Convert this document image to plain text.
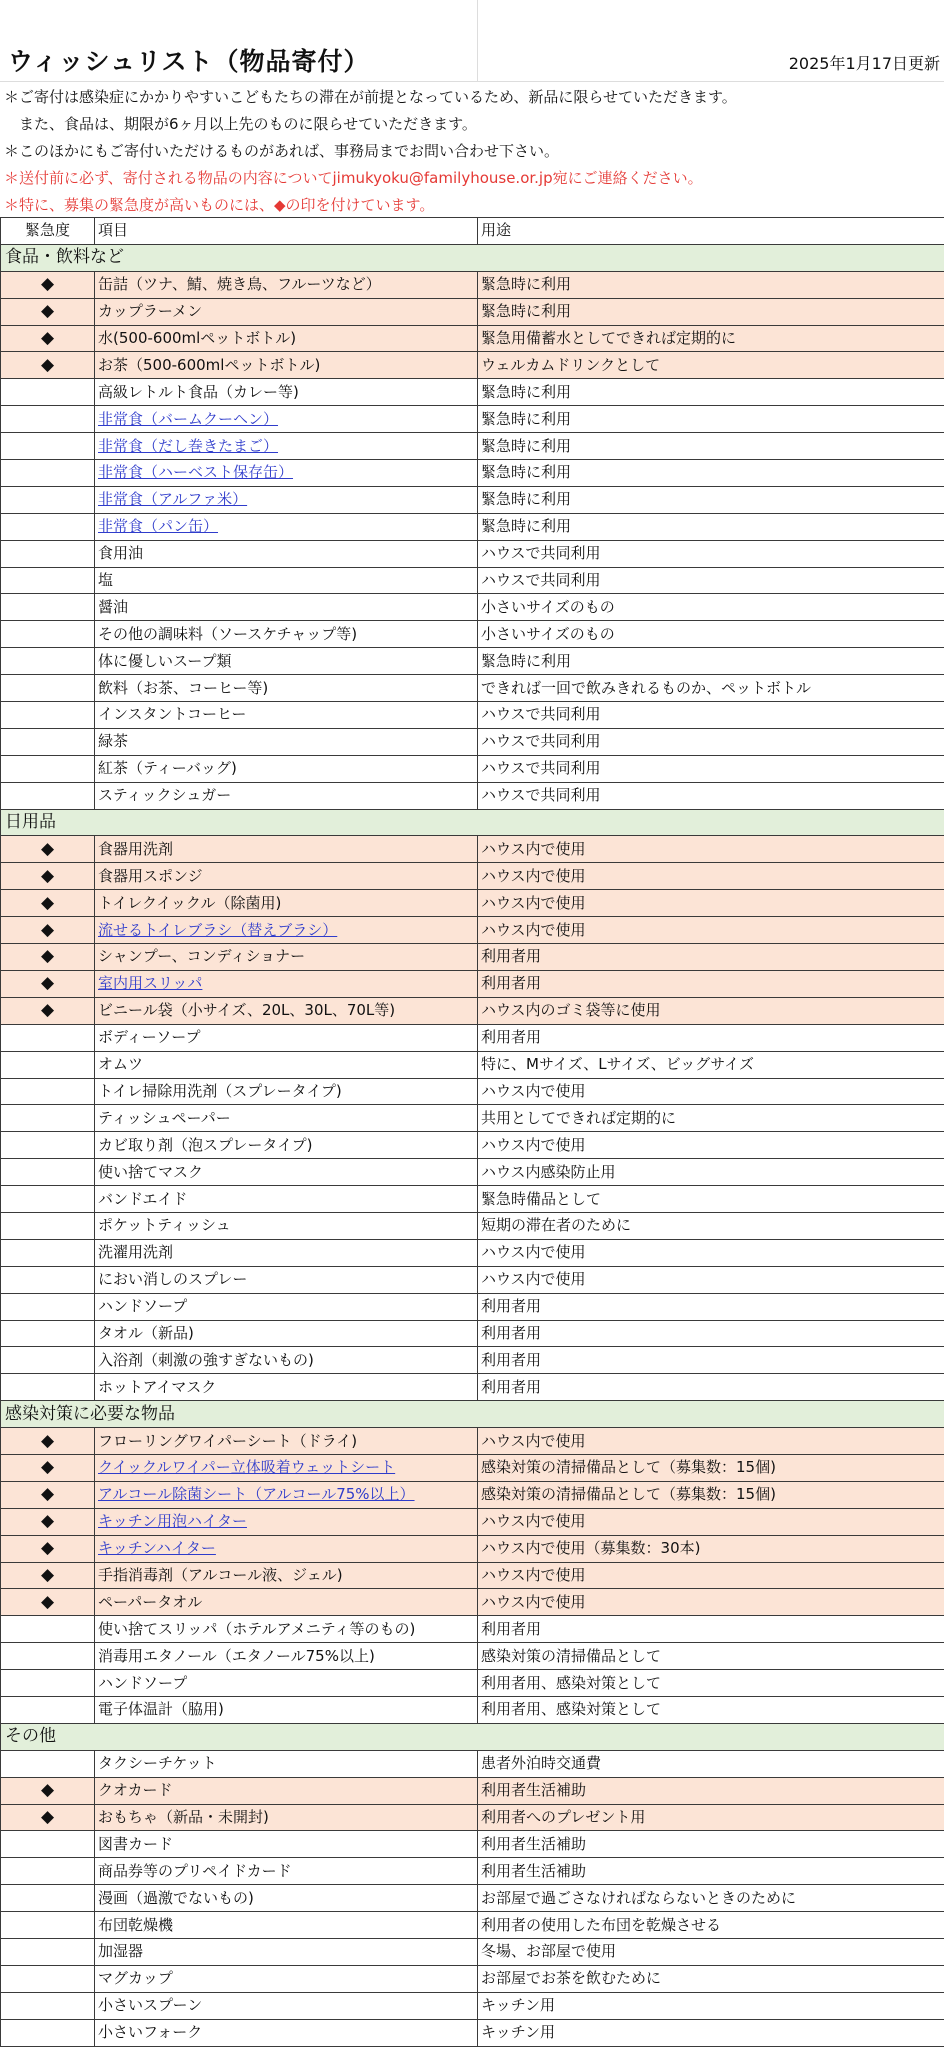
ウィッシュリスト（物品寄付）	2025年1月17日更新
＊ご寄付は感染症にかかりやすいこどもたちの滞在が前提となっているため、新品に限らせていただきます。
　また、食品は、期限が6ヶ月以上先のものに限らせていただきます。
＊このほかにもご寄付いただけるものがあれば、事務局までお問い合わせ下さい。
＊送付前に必ず、寄付される物品の内容についてjimukyoku@familyhouse.or.jp宛にご連絡ください。
＊特に、募集の緊急度が高いものには、◆の印を付けています。
緊急度	項目	用途
食品・飲料など		
◆	缶詰（ツナ、鯖、焼き鳥、フルーツなど）	緊急時に利用
◆	カップラーメン	緊急時に利用
◆	水(500-600mlペットボトル)	緊急用備蓄水としてできれば定期的に
◆	お茶（500-600mlペットボトル)	ウェルカムドリンクとして
	高級レトルト食品（カレー等)	緊急時に利用
	非常食（バームクーヘン）	緊急時に利用
	非常食（だし巻きたまご）	緊急時に利用
	非常食（ハーベスト保存缶）	緊急時に利用
	非常食（アルファ米）	緊急時に利用
	非常食（パン缶）	緊急時に利用
	食用油	ハウスで共同利用
	塩	ハウスで共同利用
	醤油	小さいサイズのもの
	その他の調味料（ソースケチャップ等)	小さいサイズのもの
	体に優しいスープ類	緊急時に利用
	飲料（お茶、コーヒー等)	できれば一回で飲みきれるものか、ペットボトル
	インスタントコーヒー	ハウスで共同利用
	緑茶	ハウスで共同利用
	紅茶（ティーバッグ)	ハウスで共同利用
	スティックシュガー	ハウスで共同利用
日用品		
◆	食器用洗剤	ハウス内で使用
◆	食器用スポンジ	ハウス内で使用
◆	トイレクイックル（除菌用)	ハウス内で使用
◆	流せるトイレブラシ（替えブラシ）	ハウス内で使用
◆	シャンプー、コンディショナー	利用者用
◆	室内用スリッパ	利用者用
◆	ビニール袋（小サイズ、20L、30L、70L等)	ハウス内のゴミ袋等に使用
	ボディーソープ	利用者用
	オムツ	特に、Mサイズ、Lサイズ、ビッグサイズ
	トイレ掃除用洗剤（スプレータイプ)	ハウス内で使用
	ティッシュペーパー	共用としてできれば定期的に
	カビ取り剤（泡スプレータイプ)	ハウス内で使用
	使い捨てマスク	ハウス内感染防止用
	バンドエイド	緊急時備品として
	ポケットティッシュ	短期の滞在者のために
	洗濯用洗剤	ハウス内で使用
	におい消しのスプレー	ハウス内で使用
	ハンドソープ	利用者用
	タオル（新品)	利用者用
	入浴剤（刺激の強すぎないもの)	利用者用
	ホットアイマスク	利用者用
感染対策に必要な物品		
◆	フローリングワイパーシート（ドライ)	ハウス内で使用
◆	クイックルワイパー立体吸着ウェットシート	感染対策の清掃備品として（募集数：15個)
◆	アルコール除菌シート（アルコール75%以上）	感染対策の清掃備品として（募集数：15個)
◆	キッチン用泡ハイター	ハウス内で使用
◆	キッチンハイター	ハウス内で使用（募集数：30本)
◆	手指消毒剤（アルコール液、ジェル)	ハウス内で使用
◆	ペーパータオル	ハウス内で使用
	使い捨てスリッパ（ホテルアメニティ等のもの)	利用者用
	消毒用エタノール（エタノール75%以上)	感染対策の清掃備品として
	ハンドソープ	利用者用、感染対策として
	電子体温計（脇用)	利用者用、感染対策として
その他		
	タクシーチケット	患者外泊時交通費
◆	クオカード	利用者生活補助
◆	おもちゃ（新品・未開封)	利用者へのプレゼント用
	図書カード	利用者生活補助
	商品券等のプリペイドカード	利用者生活補助
	漫画（過激でないもの)	お部屋で過ごさなければならないときのために
	布団乾燥機	利用者の使用した布団を乾燥させる
	加湿器	冬場、お部屋で使用
	マグカップ	お部屋でお茶を飲むために
	小さいスプーン	キッチン用
	小さいフォーク	キッチン用
